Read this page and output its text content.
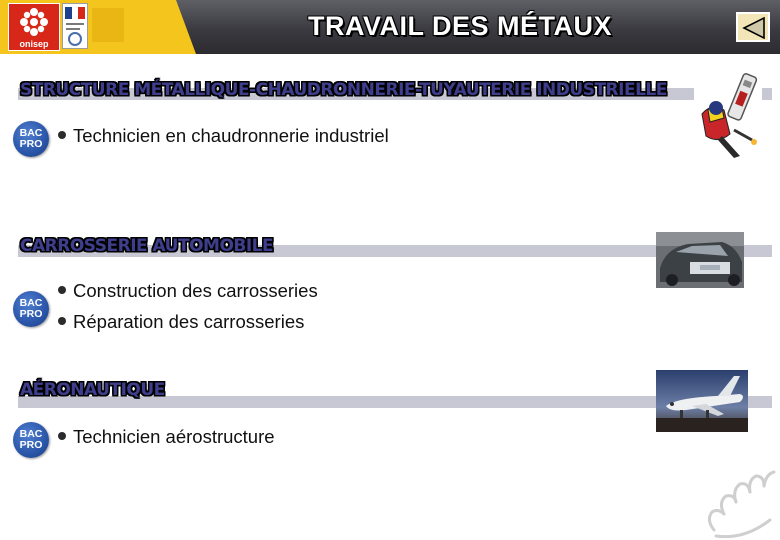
onisep
TRAVAIL DES MÉTAUX
STRUCTURE MÉTALLIQUE-CHAUDRONNERIE-TUYAUTERIE INDUSTRIELLE
BAC
PRO	Technicien en chaudronnerie industriel
CARROSSERIE AUTOMOBILE
BAC
PRO
Construction des carrosseries
Réparation des carrosseries
AÉRONAUTIQUE
BAC
PRO	Technicien aérostructure
